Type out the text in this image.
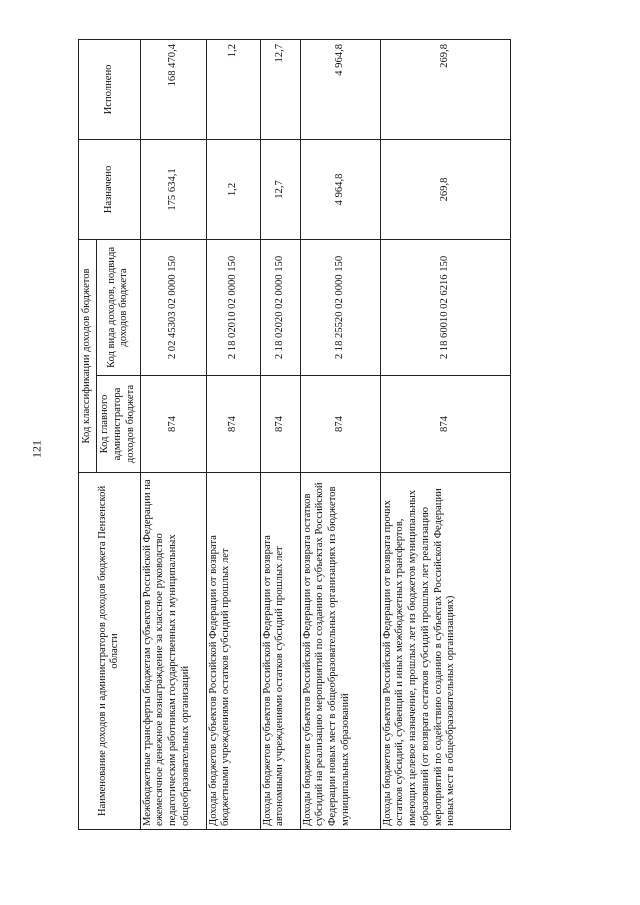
121
Наименование доходов и администраторов доходов бюджета Пензенской области	Код классификации доходов бюджетов		Назначено	Исполнено
	Код главного администратора доходов бюджета	Код вида доходов, подвида доходов бюджета		
Межбюджетные трансферты бюджетам субъектов Российской Федерации на ежемесячное денежное вознаграждение за классное руководство педагогическим работникам государственных и муниципальных общеобразовательных организаций	874	2 02 45303 02 0000 150	175 634,1	168 470,4
Доходы бюджетов субъектов Российской Федерации от возврата бюджетными учреждениями остатков субсидий прошлых лет	874	2 18 02010 02 0000 150	1,2	1,2
Доходы бюджетов субъектов Российской Федерации от возврата автономными учреждениями остатков субсидий прошлых лет	874	2 18 02020 02 0000 150	12,7	12,7
Доходы бюджетов субъектов Российской Федерации от возврата остатков субсидий на реализацию мероприятий по созданию в субъектах Российской Федерации новых мест в общеобразовательных организациях из бюджетов муниципальных образований	874	2 18 25520 02 0000 150	4 964,8	4 964,8
Доходы бюджетов субъектов Российской Федерации от возврата прочих остатков субсидий, субвенций и иных межбюджетных трансфертов, имеющих целевое назначение, прошлых лет из бюджетов муниципальных образований (от возврата остатков субсидий прошлых лет реализацию мероприятий по содействию созданию в субъектах Российской Федерации новых мест в общеобразовательных организациях)	874	2 18 60010 02 6216 150	269,8	269,8
